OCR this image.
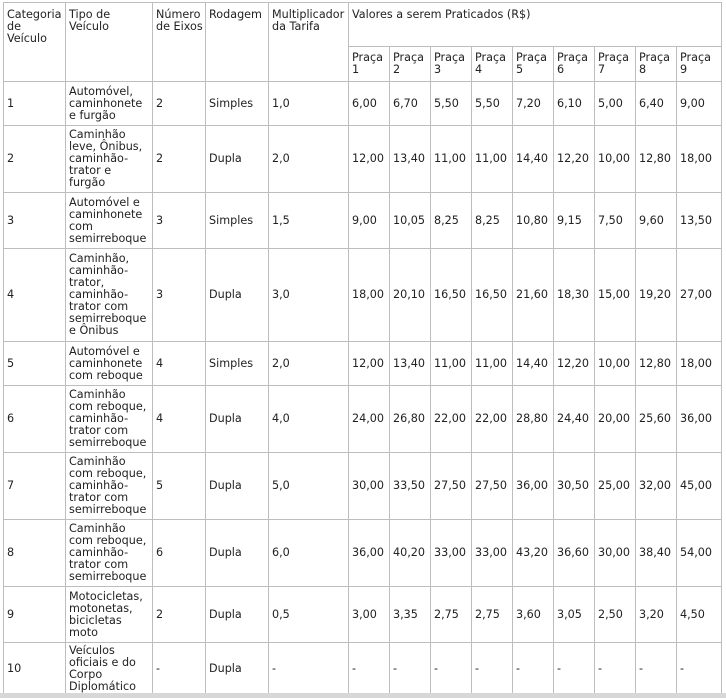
Categoria de Veículo	Tipo de Veículo	Número de Eixos	Rodagem	Multiplicador da Tarifa	Valores a serem Praticados (R$)								
					Praça 1	Praça 2	Praça 3	Praça 4	Praça 5	Praça 6	Praça 7	Praça 8	Praça 9
1	Automóvel, caminhonete e furgão	2	Simples	1,0	6,00	6,70	5,50	5,50	7,20	6,10	5,00	6,40	9,00
2	Caminhão leve, Ônibus, caminhão-trator e furgão	2	Dupla	2,0	12,00	13,40	11,00	11,00	14,40	12,20	10,00	12,80	18,00
3	Automóvel e caminhonete com semirreboque	3	Simples	1,5	9,00	10,05	8,25	8,25	10,80	9,15	7,50	9,60	13,50
4	Caminhão, caminhão-trator, caminhão-trator com semirreboque e Ônibus	3	Dupla	3,0	18,00	20,10	16,50	16,50	21,60	18,30	15,00	19,20	27,00
5	Automóvel e caminhonete com reboque	4	Simples	2,0	12,00	13,40	11,00	11,00	14,40	12,20	10,00	12,80	18,00
6	Caminhão com reboque, caminhão-trator com semirreboque	4	Dupla	4,0	24,00	26,80	22,00	22,00	28,80	24,40	20,00	25,60	36,00
7	Caminhão com reboque, caminhão-trator com semirreboque	5	Dupla	5,0	30,00	33,50	27,50	27,50	36,00	30,50	25,00	32,00	45,00
8	Caminhão com reboque, caminhão-trator com semirreboque	6	Dupla	6,0	36,00	40,20	33,00	33,00	43,20	36,60	30,00	38,40	54,00
9	Motocicletas, motonetas, bicicletas moto	2	Dupla	0,5	3,00	3,35	2,75	2,75	3,60	3,05	2,50	3,20	4,50
10	Veículos oficiais e do Corpo Diplomático	-	Dupla	-	-	-	-	-	-	-	-	-	-
